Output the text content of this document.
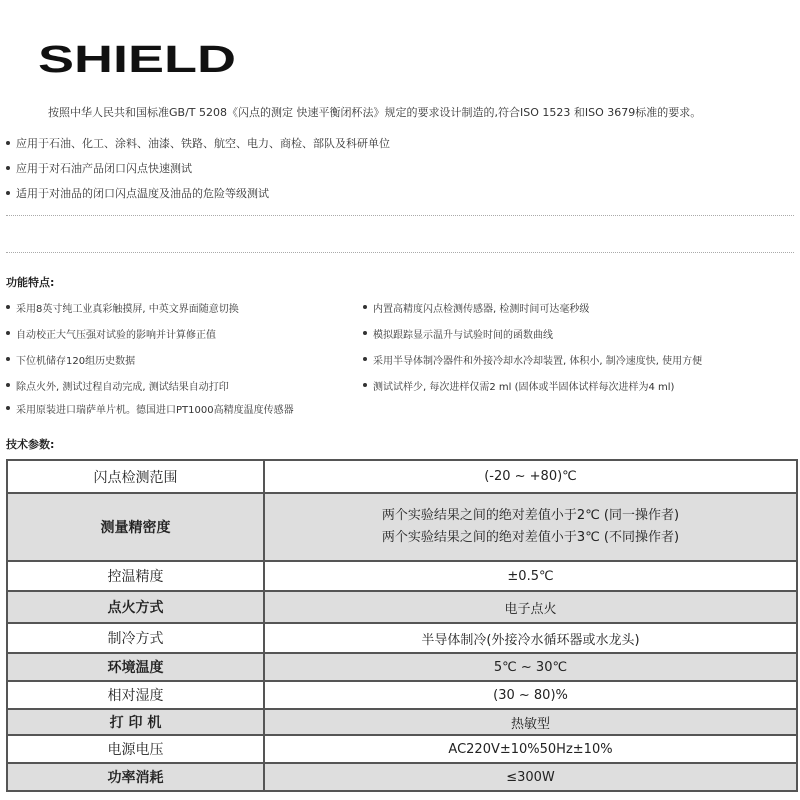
SHIELD
按照中华人民共和国标准GB/T 5208《闪点的测定 快速平衡闭杯法》规定的要求设计制造的,符合ISO 1523 和ISO 3679标准的要求。
应用于石油、化工、涂料、油漆、铁路、航空、电力、商检、部队及科研单位
应用于对石油产品闭口闪点快速测试
适用于对油品的闭口闪点温度及油品的危险等级测试
功能特点:
采用8英寸纯工业真彩触摸屏, 中英文界面随意切换	内置高精度闪点检测传感器, 检测时间可达毫秒级
自动校正大气压强对试验的影响并计算修正值	模拟跟踪显示温升与试验时间的函数曲线
下位机储存120组历史数据	采用半导体制冷器件和外接冷却水冷却装置, 体积小, 制冷速度快, 使用方便
除点火外, 测试过程自动完成, 测试结果自动打印	测试试样少, 每次进样仅需2 ml (固体或半固体试样每次进样为4 ml)
采用原装进口瑞萨单片机。德国进口PT1000高精度温度传感器
技术参数:
闪点检测范围	(-20 ~ +80)℃
测量精密度	两个实验结果之间的绝对差值小于2℃ (同一操作者)
两个实验结果之间的绝对差值小于3℃ (不同操作者)

控温精度	±0.5℃
点火方式	电子点火
制冷方式	半导体制冷(外接冷水循环器或水龙头)
环境温度	5℃ ~ 30℃
相对湿度	(30 ~ 80)%
打 印 机	热敏型
电源电压	AC220V±10%50Hz±10%
功率消耗	≤300W
